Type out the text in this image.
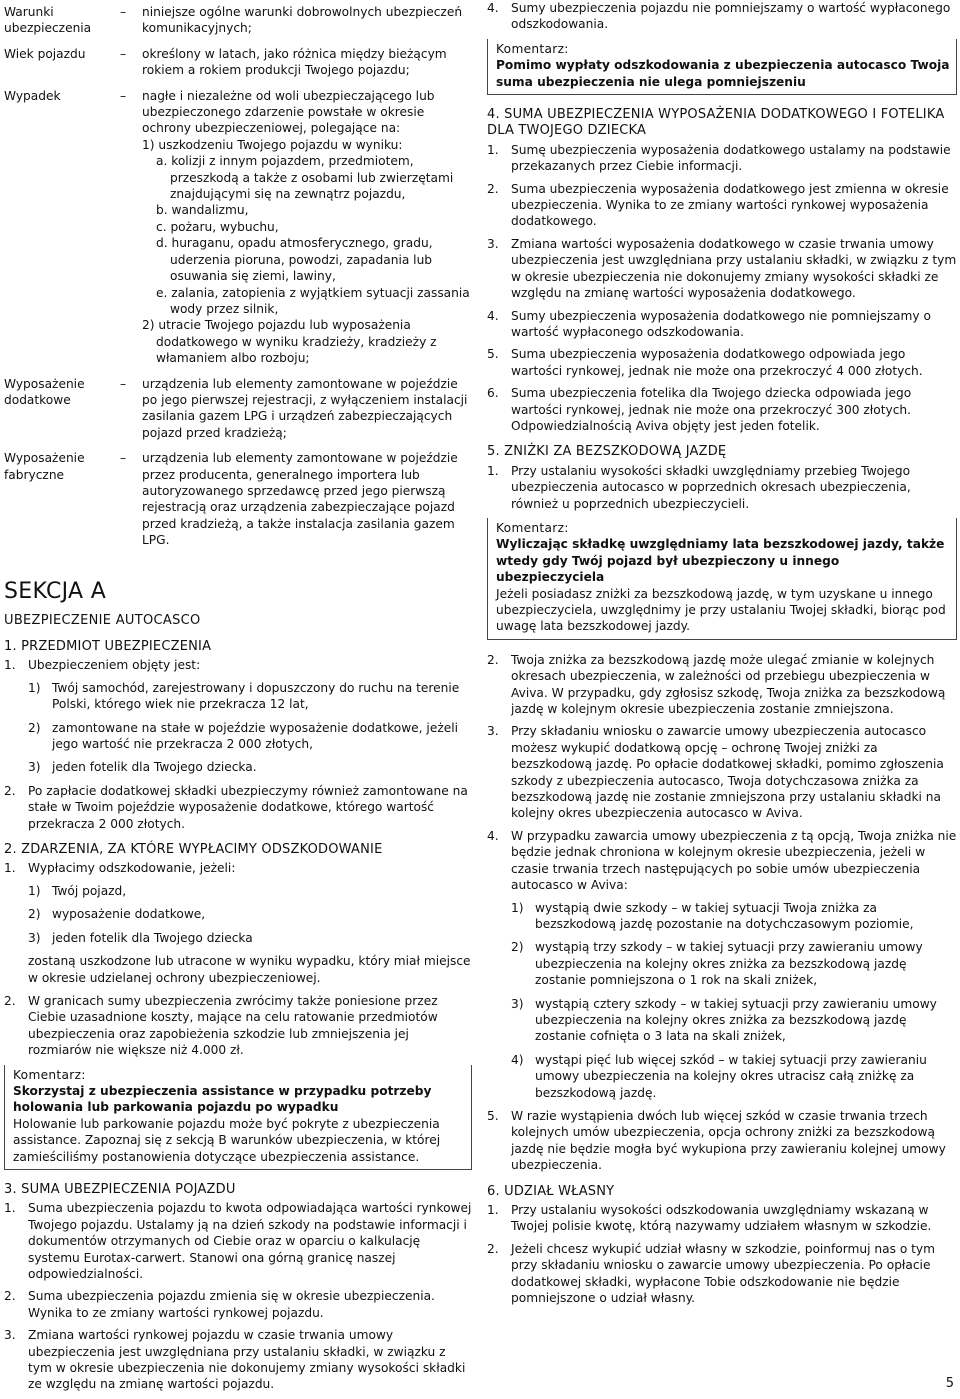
Warunki ubezpieczenia
– niniejsze ogólne warunki dobrowolnych ubezpieczeń komunikacyjnych;
Wiek pojazdu	– określony w latach, jako różnica między bieżącym rokiem a rokiem produkcji Twojego pojazdu;
Wypadek	– nagłe i niezależne od woli ubezpieczającego lub ubezpieczonego zdarzenie powstałe w okresie ochrony ubezpieczeniowej, polegające na:
1) uszkodzeniu Twojego pojazdu w wyniku:
a. kolizji z innym pojazdem, przedmiotem, przeszkodą a także z osobami lub zwierzętami znajdującymi się na zewnątrz pojazdu,
b. wandalizmu,
c. pożaru, wybuchu,
d. huraganu, opadu atmosferycznego, gradu, uderzenia pioruna, powodzi, zapadania lub osuwania się ziemi, lawiny,
e. zalania, zatopienia z wyjątkiem sytuacji zassania wody przez silnik,
2) utracie Twojego pojazdu lub wyposażenia dodatkowego w wyniku kradzieży, kradzieży z włamaniem albo rozboju;
Wyposażenie dodatkowe
– urządzenia lub elementy zamontowane w pojeździe po jego pierwszej rejestracji, z wyłączeniem instalacji zasilania gazem LPG i urządzeń zabezpieczających pojazd przed kradzieżą;
Wyposażenie fabryczne
– urządzenia lub elementy zamontowane w pojeździe przez producenta, generalnego importera lub autoryzowanego sprzedawcę przed jego pierwszą rejestracją oraz urządzenia zabezpieczające pojazd przed kradzieżą, a także instalacja zasilania gazem LPG.
SEKCJA A
UBEZPIECZENIE AUTOCASCO
1. PRZEDMIOT UBEZPIECZENIA
1. Ubezpieczeniem objęty jest:
1) Twój samochód, zarejestrowany i dopuszczony do ruchu na terenie Polski, którego wiek nie przekracza 12 lat,
2) zamontowane na stałe w pojeździe wyposażenie dodatkowe, jeżeli jego wartość nie przekracza 2 000 złotych,
3) jeden fotelik dla Twojego dziecka.
2. Po zapłacie dodatkowej składki ubezpieczymy również zamontowane na stałe w Twoim pojeździe wyposażenie dodatkowe, którego wartość przekracza 2 000 złotych.
2. ZDARZENIA, ZA KTÓRE WYPŁACIMY ODSZKODOWANIE
1. Wypłacimy odszkodowanie, jeżeli:
1) Twój pojazd,
2) wyposażenie dodatkowe,
3) jeden fotelik dla Twojego dziecka
zostaną uszkodzone lub utracone w wyniku wypadku, który miał miejsce w okresie udzielanej ochrony ubezpieczeniowej.
2. W granicach sumy ubezpieczenia zwrócimy także poniesione przez Ciebie uzasadnione koszty, mające na celu ratowanie przedmiotów ubezpieczenia oraz zapobieżenia szkodzie lub zmniejszenia jej rozmiarów nie większe niż 4.000 zł.
Komentarz:
Skorzystaj z ubezpieczenia assistance w przypadku potrzeby holowania lub parkowania pojazdu po wypadku
Holowanie lub parkowanie pojazdu może być pokryte z ubezpieczenia assistance. Zapoznaj się z sekcją B warunków ubezpieczenia, w której zamieściliśmy postanowienia dotyczące ubezpieczenia assistance.
3. SUMA UBEZPIECZENIA POJAZDU
1. Suma ubezpieczenia pojazdu to kwota odpowiadająca wartości rynkowej Twojego pojazdu. Ustalamy ją na dzień szkody na podstawie informacji i dokumentów otrzymanych od Ciebie oraz w oparciu o kalkulację systemu Eurotax-carwert. Stanowi ona górną granicę naszej odpowiedzialności.
2. Suma ubezpieczenia pojazdu zmienia się w okresie ubezpieczenia. Wynika to ze zmiany wartości rynkowej pojazdu.
3. Zmiana wartości rynkowej pojazdu w czasie trwania umowy ubezpieczenia jest uwzględniana przy ustalaniu składki, w związku z tym w okresie ubezpieczenia nie dokonujemy zmiany wysokości składki ze względu na zmianę wartości pojazdu.
4. Sumy ubezpieczenia pojazdu nie pomniejszamy o wartość wypłaconego odszkodowania.
Komentarz:
Pomimo wypłaty odszkodowania z ubezpieczenia autocasco Twoja suma ubezpieczenia nie ulega pomniejszeniu
4. SUMA UBEZPIECZENIA WYPOSAŻENIA DODATKOWEGO I FOTELIKA DLA TWOJEGO DZIECKA
1. Sumę ubezpieczenia wyposażenia dodatkowego ustalamy na podstawie przekazanych przez Ciebie informacji.
2. Suma ubezpieczenia wyposażenia dodatkowego jest zmienna w okresie ubezpieczenia. Wynika to ze zmiany wartości rynkowej wyposażenia dodatkowego.
3. Zmiana wartości wyposażenia dodatkowego w czasie trwania umowy ubezpieczenia jest uwzględniana przy ustalaniu składki, w związku z tym w okresie ubezpieczenia nie dokonujemy zmiany wysokości składki ze względu na zmianę wartości wyposażenia dodatkowego.
4. Sumy ubezpieczenia wyposażenia dodatkowego nie pomniejszamy o wartość wypłaconego odszkodowania.
5. Suma ubezpieczenia wyposażenia dodatkowego odpowiada jego wartości rynkowej, jednak nie może ona przekroczyć 4 000 złotych.
6. Suma ubezpieczenia fotelika dla Twojego dziecka odpowiada jego wartości rynkowej, jednak nie może ona przekroczyć 300 złotych. Odpowiedzialnością Aviva objęty jest jeden fotelik.
5. ZNIŻKI ZA BEZSZKODOWĄ JAZDĘ
1. Przy ustalaniu wysokości składki uwzględniamy przebieg Twojego ubezpieczenia autocasco w poprzednich okresach ubezpieczenia, również u poprzednich ubezpieczycieli.
Komentarz:
Wyliczając składkę uwzględniamy lata bezszkodowej jazdy, także wtedy gdy Twój pojazd był ubezpieczony u innego ubezpieczyciela
Jeżeli posiadasz zniżki za bezszkodową jazdę, w tym uzyskane u innego ubezpieczyciela, uwzględnimy je przy ustalaniu Twojej składki, biorąc pod uwagę lata bezszkodowej jazdy.
2. Twoja zniżka za bezszkodową jazdę może ulegać zmianie w kolejnych okresach ubezpieczenia, w zależności od przebiegu ubezpieczenia w Aviva. W przypadku, gdy zgłosisz szkodę, Twoja zniżka za bezszkodową jazdę w kolejnym okresie ubezpieczenia zostanie zmniejszona.
3. Przy składaniu wniosku o zawarcie umowy ubezpieczenia autocasco możesz wykupić dodatkową opcję – ochronę Twojej zniżki za bezszkodową jazdę. Po opłacie dodatkowej składki, pomimo zgłoszenia szkody z ubezpieczenia autocasco, Twoja dotychczasowa zniżka za bezszkodową jazdę nie zostanie zmniejszona przy ustalaniu składki na kolejny okres ubezpieczenia autocasco w Aviva.
4. W przypadku zawarcia umowy ubezpieczenia z tą opcją, Twoja zniżka nie będzie jednak chroniona w kolejnym okresie ubezpieczenia, jeżeli w czasie trwania trzech następujących po sobie umów ubezpieczenia autocasco w Aviva:
1) wystąpią dwie szkody – w takiej sytuacji Twoja zniżka za bezszkodową jazdę pozostanie na dotychczasowym poziomie,
2) wystąpią trzy szkody – w takiej sytuacji przy zawieraniu umowy ubezpieczenia na kolejny okres zniżka za bezszkodową jazdę zostanie pomniejszona o 1 rok na skali zniżek,
3) wystąpią cztery szkody – w takiej sytuacji przy zawieraniu umowy ubezpieczenia na kolejny okres zniżka za bezszkodową jazdę zostanie cofnięta o 3 lata na skali zniżek,
4) wystąpi pięć lub więcej szkód – w takiej sytuacji przy zawieraniu umowy ubezpieczenia na kolejny okres utracisz całą zniżkę za bezszkodową jazdę.
5. W razie wystąpienia dwóch lub więcej szkód w czasie trwania trzech kolejnych umów ubezpieczenia, opcja ochrony zniżki za bezszkodową jazdę nie będzie mogła być wykupiona przy zawieraniu kolejnej umowy ubezpieczenia.
6. UDZIAŁ WŁASNY
1. Przy ustalaniu wysokości odszkodowania uwzględniamy wskazaną w Twojej polisie kwotę, którą nazywamy udziałem własnym w szkodzie.
2. Jeżeli chcesz wykupić udział własny w szkodzie, poinformuj nas o tym przy składaniu wniosku o zawarcie umowy ubezpieczenia. Po opłacie dodatkowej składki, wypłacone Tobie odszkodowanie nie będzie pomniejszone o udział własny.
5
